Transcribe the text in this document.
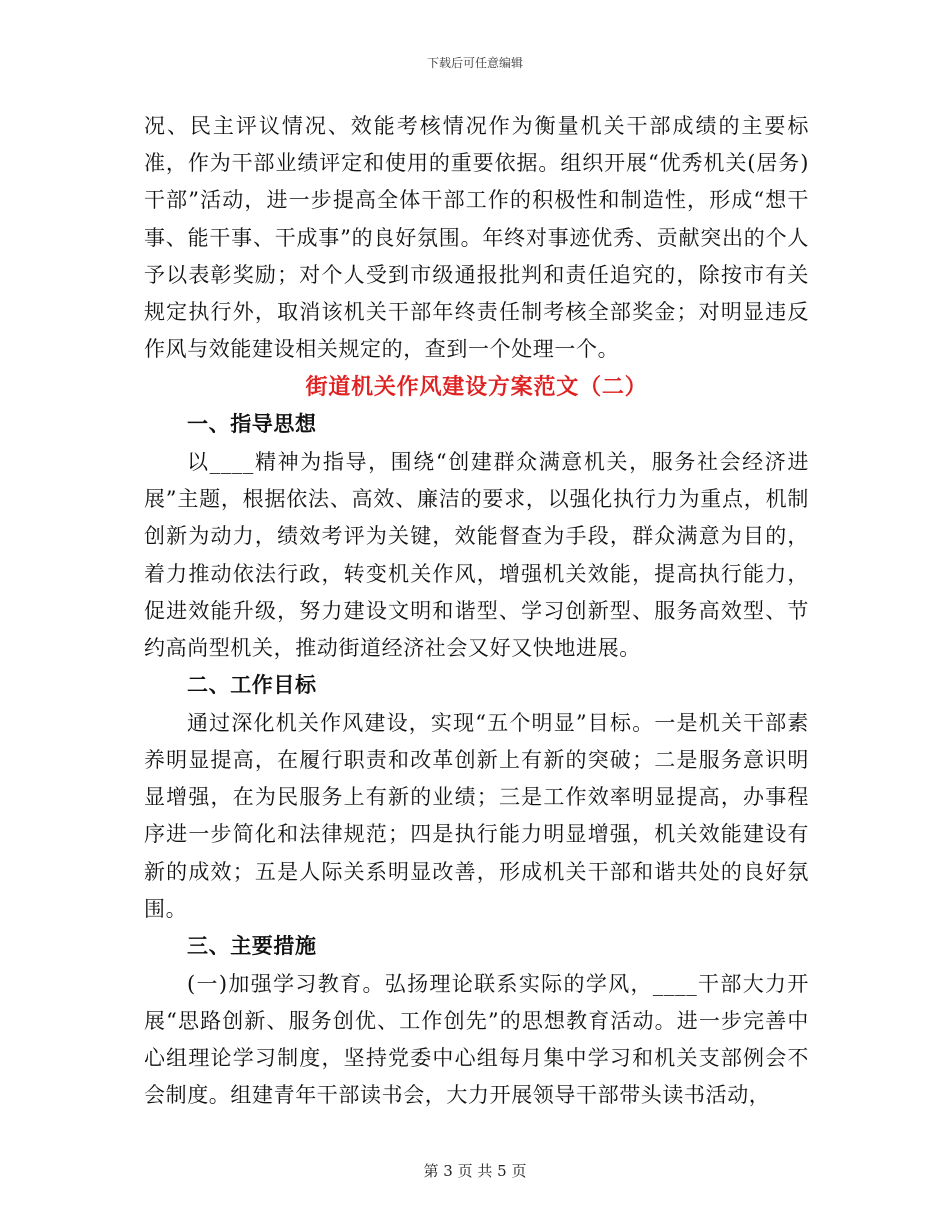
下载后可任意编辑

况、民主评议情况、效能考核情况作为衡量机关干部成绩的主要标准，作为干部业绩评定和使用的重要依据。组织开展“优秀机关(居务)干部”活动，进一步提高全体干部工作的积极性和制造性，形成“想干事、能干事、干成事”的良好氛围。年终对事迹优秀、贡献突出的个人予以表彰奖励；对个人受到市级通报批判和责任追究的，除按市有关规定执行外，取消该机关干部年终责任制考核全部奖金；对明显违反作风与效能建设相关规定的，查到一个处理一个。

街道机关作风建设方案范文（二）
一、指导思想

以____精神为指导，围绕“创建群众满意机关，服务社会经济进展”主题，根据依法、高效、廉洁的要求，以强化执行力为重点，机制创新为动力，绩效考评为关键，效能督查为手段，群众满意为目的，着力推动依法行政，转变机关作风，增强机关效能，提高执行能力，促进效能升级，努力建设文明和谐型、学习创新型、服务高效型、节约高尚型机关，推动街道经济社会又好又快地进展。

二、工作目标

通过深化机关作风建设，实现“五个明显”目标。一是机关干部素养明显提高，在履行职责和改革创新上有新的突破；二是服务意识明显增强，在为民服务上有新的业绩；三是工作效率明显提高，办事程序进一步简化和法律规范；四是执行能力明显增强，机关效能建设有新的成效；五是人际关系明显改善，形成机关干部和谐共处的良好氛围。

三、主要措施

(一)加强学习教育。弘扬理论联系实际的学风，____干部大力开展“思路创新、服务创优、工作创先”的思想教育活动。进一步完善中心组理论学习制度，坚持党委中心组每月集中学习和机关支部例会不会制度。组建青年干部读书会，大力开展领导干部带头读书活动，

第 3 页 共 5 页
